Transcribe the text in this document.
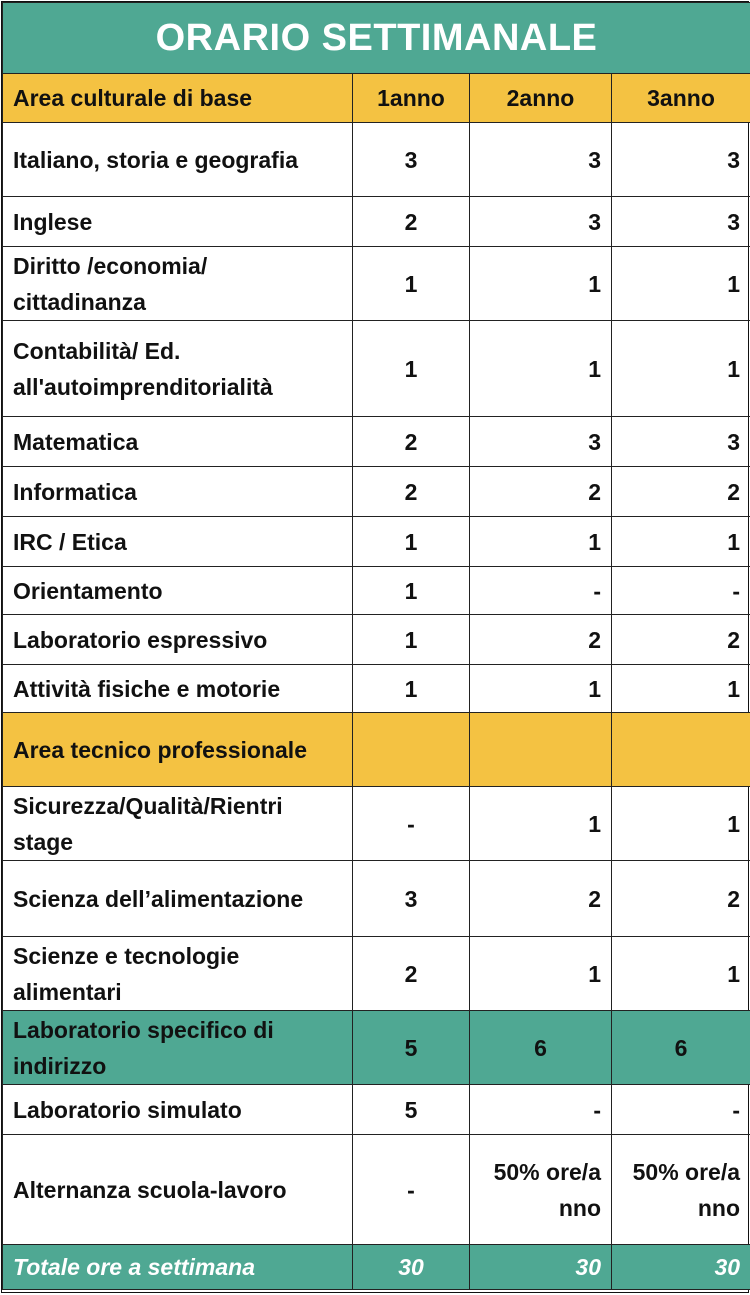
ORARIO SETTIMANALE			
Area culturale di base	1anno	2anno	3anno
Italiano, storia e geografia	3	3	3
Inglese	2	3	3
Diritto /economia/ cittadinanza	1	1	1
Contabilità/ Ed. all'autoimprenditorialità	1	1	1
Matematica	2	3	3
Informatica	2	2	2
IRC / Etica	1	1	1
Orientamento	1	-	-
Laboratorio espressivo	1	2	2
Attività fisiche e motorie	1	1	1
Area tecnico professionale			
Sicurezza/Qualità/Rientri stage	-	1	1
Scienza dell’alimentazione	3	2	2
Scienze e tecnologie alimentari	2	1	1
Laboratorio specifico di indirizzo	5	6	6
Laboratorio simulato	5	-	-
Alternanza scuola-lavoro	-	50% ore/anno	50% ore/anno
Totale ore a settimana	30	30	30
